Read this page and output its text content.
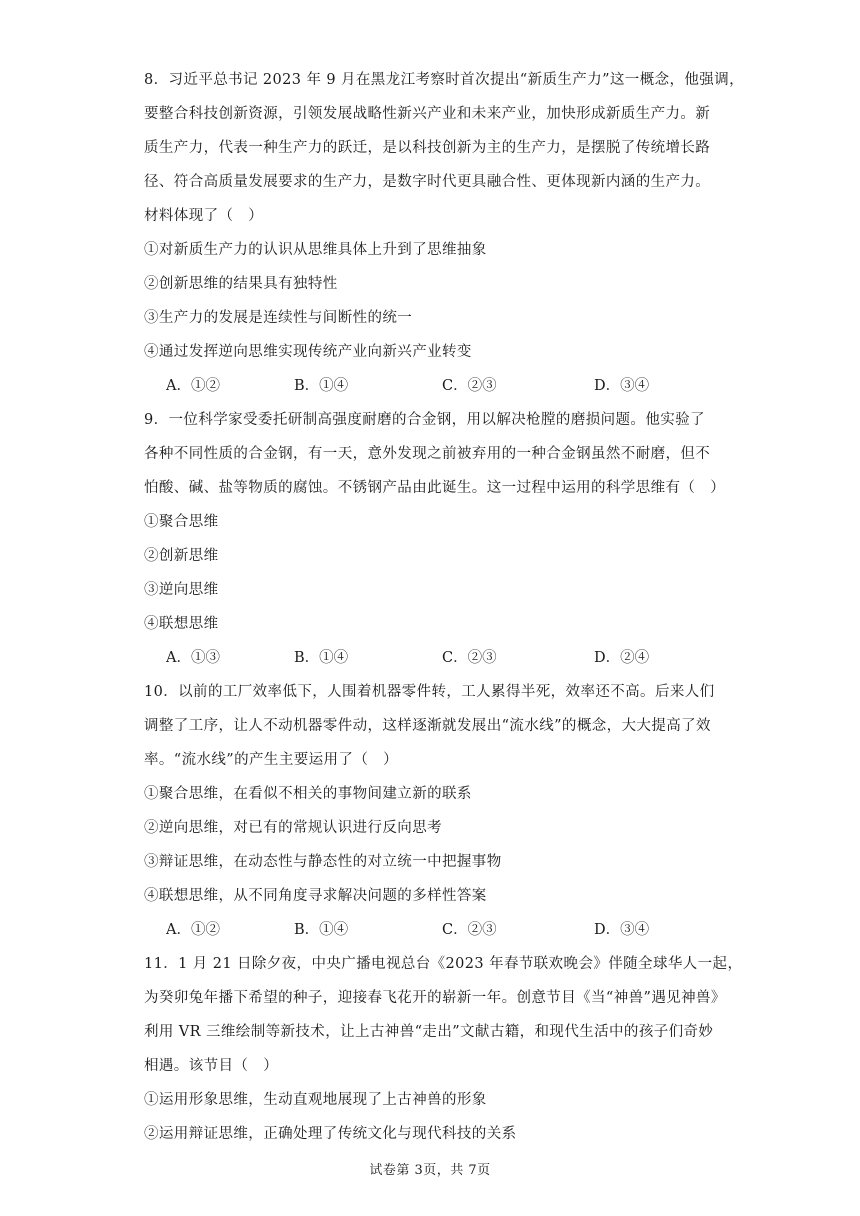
8．习近平总书记 2023 年 9 月在黑龙江考察时首次提出“新质生产力”这一概念，他强调，
要整合科技创新资源，引领发展战略性新兴产业和未来产业，加快形成新质生产力。新
质生产力，代表一种生产力的跃迁，是以科技创新为主的生产力，是摆脱了传统增长路
径、符合高质量发展要求的生产力，是数字时代更具融合性、更体现新内涵的生产力。
材料体现了（　）
①对新质生产力的认识从思维具体上升到了思维抽象
②创新思维的结果具有独特性
③生产力的发展是连续性与间断性的统一
④通过发挥逆向思维实现传统产业向新兴产业转变
A．①②	B．①④	C．②③	D．③④
9．一位科学家受委托研制高强度耐磨的合金钢，用以解决枪膛的磨损问题。他实验了
各种不同性质的合金钢，有一天，意外发现之前被弃用的一种合金钢虽然不耐磨，但不
怕酸、碱、盐等物质的腐蚀。不锈钢产品由此诞生。这一过程中运用的科学思维有（　）
①聚合思维
②创新思维
③逆向思维
④联想思维
A．①③	B．①④	C．②③	D．②④
10．以前的工厂效率低下，人围着机器零件转，工人累得半死，效率还不高。后来人们
调整了工序，让人不动机器零件动，这样逐渐就发展出“流水线”的概念，大大提高了效
率。“流水线”的产生主要运用了（　）
①聚合思维，在看似不相关的事物间建立新的联系
②逆向思维，对已有的常规认识进行反向思考
③辩证思维，在动态性与静态性的对立统一中把握事物
④联想思维，从不同角度寻求解决问题的多样性答案
A．①②	B．①④	C．②③	D．③④
11．1 月 21 日除夕夜，中央广播电视总台《2023 年春节联欢晚会》伴随全球华人一起，
为癸卯兔年播下希望的种子，迎接春飞花开的崭新一年。创意节目《当“神兽”遇见神兽》
利用 VR 三维绘制等新技术，让上古神兽“走出”文献古籍，和现代生活中的孩子们奇妙
相遇。该节目（　）
①运用形象思维，生动直观地展现了上古神兽的形象
②运用辩证思维，正确处理了传统文化与现代科技的关系
试卷第 3页，共 7页
